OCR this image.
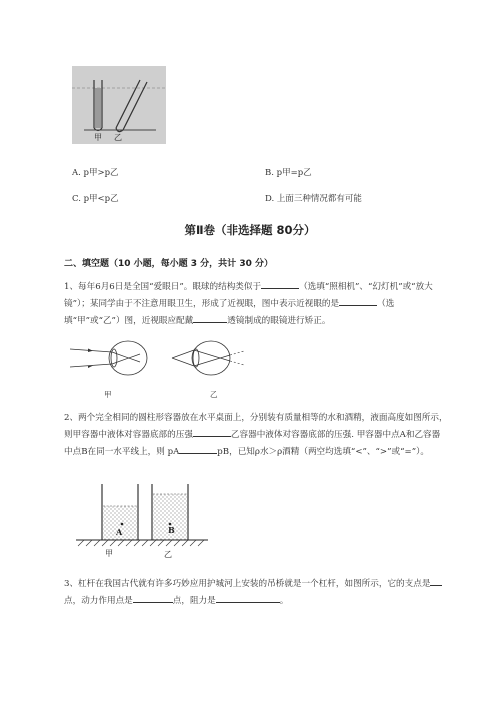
甲 乙
A. p甲>p乙	B. p甲=p乙
C. p甲<p乙	D. 上面三种情况都有可能
第Ⅱ卷（非选择题 80分）
二、填空题（10 小题，每小题 3 分，共计 30 分）
1、每年6月6日是全国“爱眼日”。眼球的结构类似于	（选填“照相机”、“幻灯机”或“放大镜”）；某同学由于不注意用眼卫生，形成了近视眼，图中表示近视眼的是	（选填“甲”或“乙”）图，近视眼应配戴	透镜制成的眼镜进行矫正。
甲	乙
2、两个完全相同的圆柱形容器放在水平桌面上，分别装有质量相等的水和酒精，液面高度如图所示，则甲容器中液体对容器底部的压强	乙容器中液体对容器底部的压强. 甲容器中点A和乙容器中点B在同一水平线上，则 pA	pB，已知ρ水＞ρ酒精（两空均选填“<”、“>”或“=”）。
A	B
甲	乙
3、杠杆在我国古代就有许多巧妙应用护城河上安装的吊桥就是一个杠杆，如图所示，它的支点是点，动力作用点是	点，阻力是	。
